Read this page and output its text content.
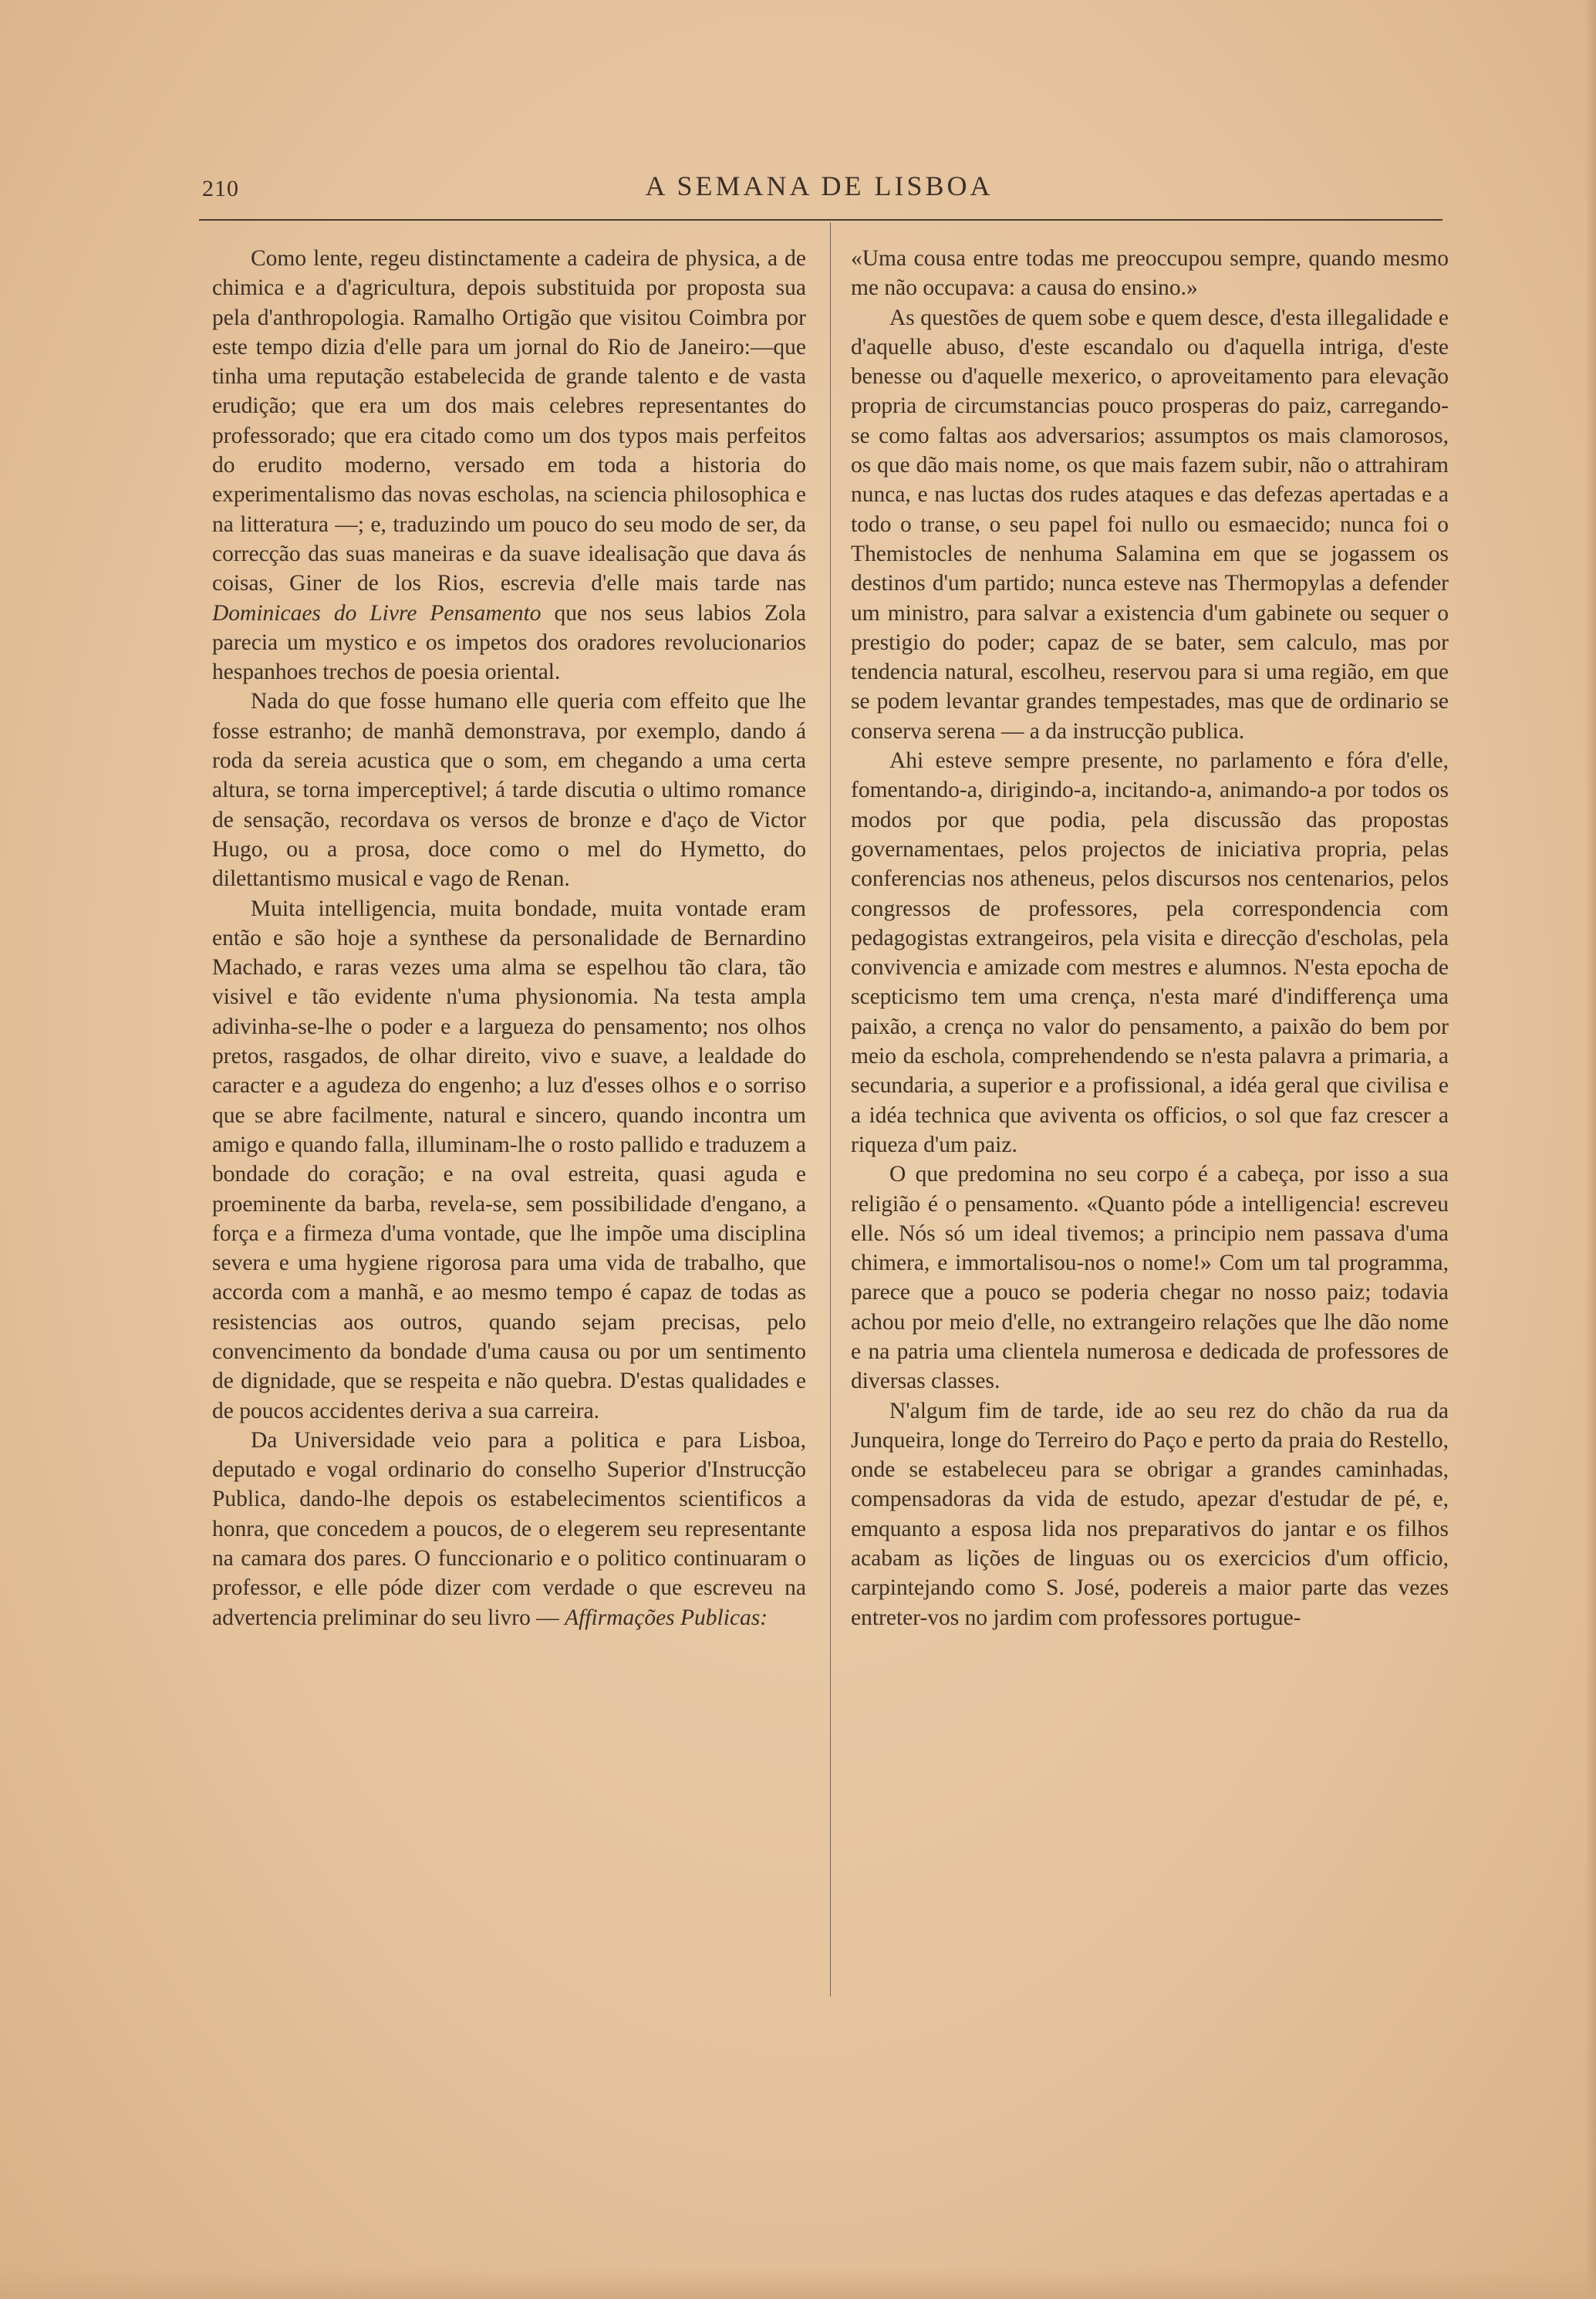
210	A SEMANA DE LISBOA

Como lente, regeu distinctamente a cadeira de physica, a de chimica e a d'agricultura, depois substituida por proposta sua pela d'anthropologia. Ramalho Ortigão que visitou Coimbra por este tempo dizia d'elle para um jornal do Rio de Janeiro:—que tinha uma reputação estabelecida de grande talento e de vasta erudição; que era um dos mais celebres representantes do professorado; que era citado como um dos typos mais perfeitos do erudito moderno, versado em toda a historia do experimentalismo das novas escholas, na sciencia philosophica e na litteratura —; e, traduzindo um pouco do seu modo de ser, da correcção das suas maneiras e da suave idealisação que dava ás coisas, Giner de los Rios, escrevia d'elle mais tarde nas Dominicaes do Livre Pensamento que nos seus labios Zola parecia um mystico e os impetos dos oradores revolucionarios hespanhoes trechos de poesia oriental.

Nada do que fosse humano elle queria com effeito que lhe fosse estranho; de manhã demonstrava, por exemplo, dando á roda da sereia acustica que o som, em chegando a uma certa altura, se torna imperceptivel; á tarde discutia o ultimo romance de sensação, recordava os versos de bronze e d'aço de Victor Hugo, ou a prosa, doce como o mel do Hymetto, do dilettantismo musical e vago de Renan.

Muita intelligencia, muita bondade, muita vontade eram então e são hoje a synthese da personalidade de Bernardino Machado, e raras vezes uma alma se espelhou tão clara, tão visivel e tão evidente n'uma physionomia. Na testa ampla adivinha-se-lhe o poder e a largueza do pensamento; nos olhos pretos, rasgados, de olhar direito, vivo e suave, a lealdade do caracter e a agudeza do engenho; a luz d'esses olhos e o sorriso que se abre facilmente, natural e sincero, quando incontra um amigo e quando falla, illuminam-lhe o rosto pallido e traduzem a bondade do coração; e na oval estreita, quasi aguda e proeminente da barba, revela-se, sem possibilidade d'engano, a força e a firmeza d'uma vontade, que lhe impõe uma disciplina severa e uma hygiene rigorosa para uma vida de trabalho, que accorda com a manhã, e ao mesmo tempo é capaz de todas as resistencias aos outros, quando sejam precisas, pelo convencimento da bondade d'uma causa ou por um sentimento de dignidade, que se respeita e não quebra. D'estas qualidades e de poucos accidentes deriva a sua carreira.

Da Universidade veio para a politica e para Lisboa, deputado e vogal ordinario do conselho Superior d'Instrucção Publica, dando-lhe depois os estabelecimentos scientificos a honra, que concedem a poucos, de o elegerem seu representante na camara dos pares. O funccionario e o politico continuaram o professor, e elle póde dizer com verdade o que escreveu na advertencia preliminar do seu livro — Affirmações Publicas:

«Uma cousa entre todas me preoccupou sempre, quando mesmo me não occupava: a causa do ensino.»

As questões de quem sobe e quem desce, d'esta illegalidade e d'aquelle abuso, d'este escandalo ou d'aquella intriga, d'este benesse ou d'aquelle mexerico, o aproveitamento para elevação propria de circumstancias pouco prosperas do paiz, carregando-se como faltas aos adversarios; assumptos os mais clamorosos, os que dão mais nome, os que mais fazem subir, não o attrahiram nunca, e nas luctas dos rudes ataques e das defezas apertadas e a todo o transe, o seu papel foi nullo ou esmaecido; nunca foi o Themistocles de nenhuma Salamina em que se jogassem os destinos d'um partido; nunca esteve nas Thermopylas a defender um ministro, para salvar a existencia d'um gabinete ou sequer o prestigio do poder; capaz de se bater, sem calculo, mas por tendencia natural, escolheu, reservou para si uma região, em que se podem levantar grandes tempestades, mas que de ordinario se conserva serena — a da instrucção publica.

Ahi esteve sempre presente, no parlamento e fóra d'elle, fomentando-a, dirigindo-a, incitando-a, animando-a por todos os modos por que podia, pela discussão das propostas governamentaes, pelos projectos de iniciativa propria, pelas conferencias nos atheneus, pelos discursos nos centenarios, pelos congressos de professores, pela correspondencia com pedagogistas extrangeiros, pela visita e direcção d'escholas, pela convivencia e amizade com mestres e alumnos. N'esta epocha de scepticismo tem uma crença, n'esta maré d'indifferença uma paixão, a crença no valor do pensamento, a paixão do bem por meio da eschola, comprehendendo se n'esta palavra a primaria, a secundaria, a superior e a profissional, a idéa geral que civilisa e a idéa technica que aviventa os officios, o sol que faz crescer a riqueza d'um paiz.

O que predomina no seu corpo é a cabeça, por isso a sua religião é o pensamento. «Quanto póde a intelligencia! escreveu elle. Nós só um ideal tivemos; a principio nem passava d'uma chimera, e immortalisou-nos o nome!» Com um tal programma, parece que a pouco se poderia chegar no nosso paiz; todavia achou por meio d'elle, no extrangeiro relações que lhe dão nome e na patria uma clientela numerosa e dedicada de professores de diversas classes.

N'algum fim de tarde, ide ao seu rez do chão da rua da Junqueira, longe do Terreiro do Paço e perto da praia do Restello, onde se estabeleceu para se obrigar a grandes caminhadas, compensadoras da vida de estudo, apezar d'estudar de pé, e, emquanto a esposa lida nos preparativos do jantar e os filhos acabam as lições de linguas ou os exercicios d'um officio, carpintejando como S. José, podereis a maior parte das vezes entreter-vos no jardim com professores portugue-
